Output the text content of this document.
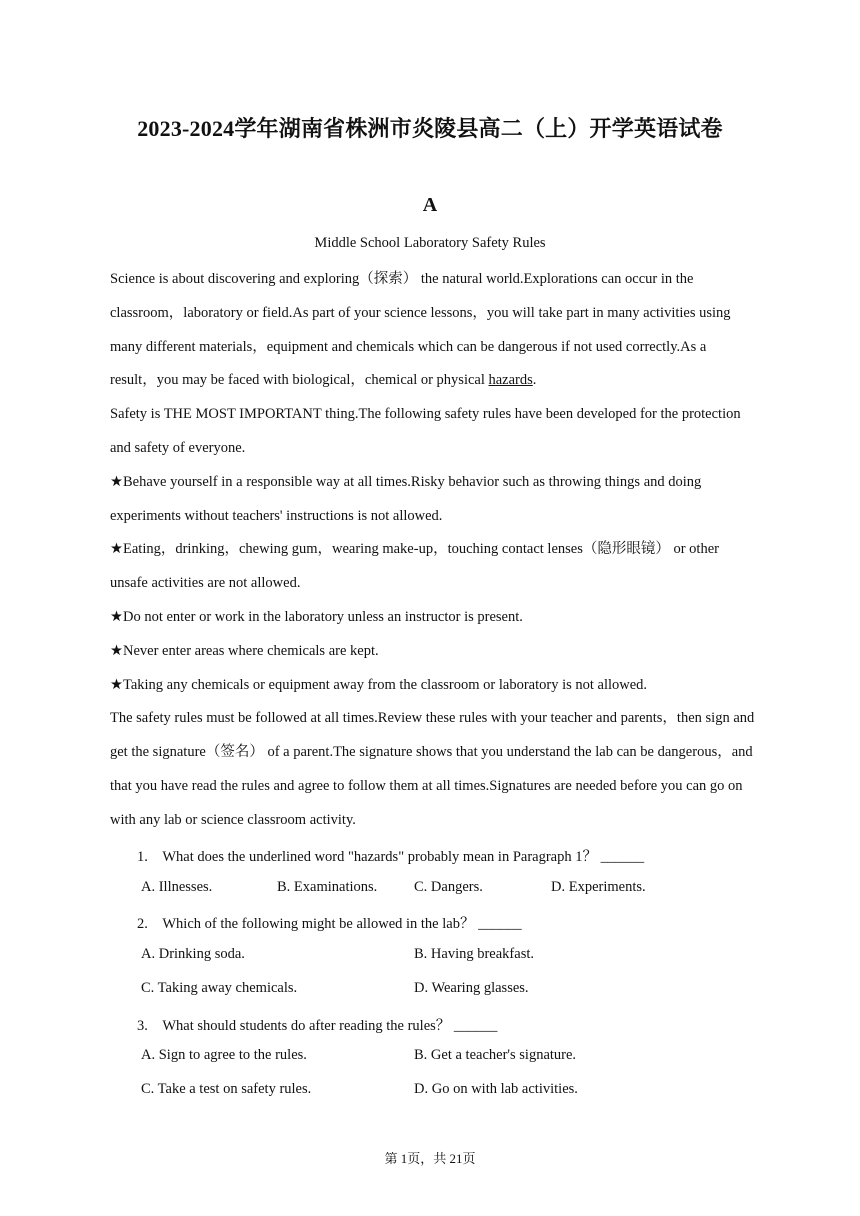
2023-2024学年湖南省株洲市炎陵县高二（上）开学英语试卷
A
Middle School Laboratory Safety Rules

Science is about discovering and exploring（探索） the natural world.Explorations can occur in the classroom，laboratory or field.As part of your science lessons，you will take part in many activities using many different materials，equipment and chemicals which can be dangerous if not used correctly.As a result，you may be faced with biological，chemical or physical hazards.

Safety is THE MOST IMPORTANT thing.The following safety rules have been developed for the protection and safety of everyone.

★Behave yourself in a responsible way at all times.Risky behavior such as throwing things and doing experiments without teachers' instructions is not allowed.

★Eating，drinking，chewing gum，wearing make-up，touching contact lenses（隐形眼镜） or other unsafe activities are not allowed.

★Do not enter or work in the laboratory unless an instructor is present.

★Never enter areas where chemicals are kept.

★Taking any chemicals or equipment away from the classroom or laboratory is not allowed.

The safety rules must be followed at all times.Review these rules with your teacher and parents，then sign and get the signature（签名） of a parent.The signature shows that you understand the lab can be dangerous，and that you have read the rules and agree to follow them at all times.Signatures are needed before you can go on with any lab or science classroom activity.

1.    What does the underlined word "hazards" probably mean in Paragraph 1？ ______
A. Illnesses.	B. Examinations.	C. Dangers.	D. Experiments.
2.    Which of the following might be allowed in the lab？ ______
A. Drinking soda.	B. Having breakfast.
C. Taking away chemicals.	D. Wearing glasses.
3.    What should students do after reading the rules？ ______
A. Sign to agree to the rules.	B. Get a teacher's signature.
C. Take a test on safety rules.	D. Go on with lab activities.
第 1页，共 21页
